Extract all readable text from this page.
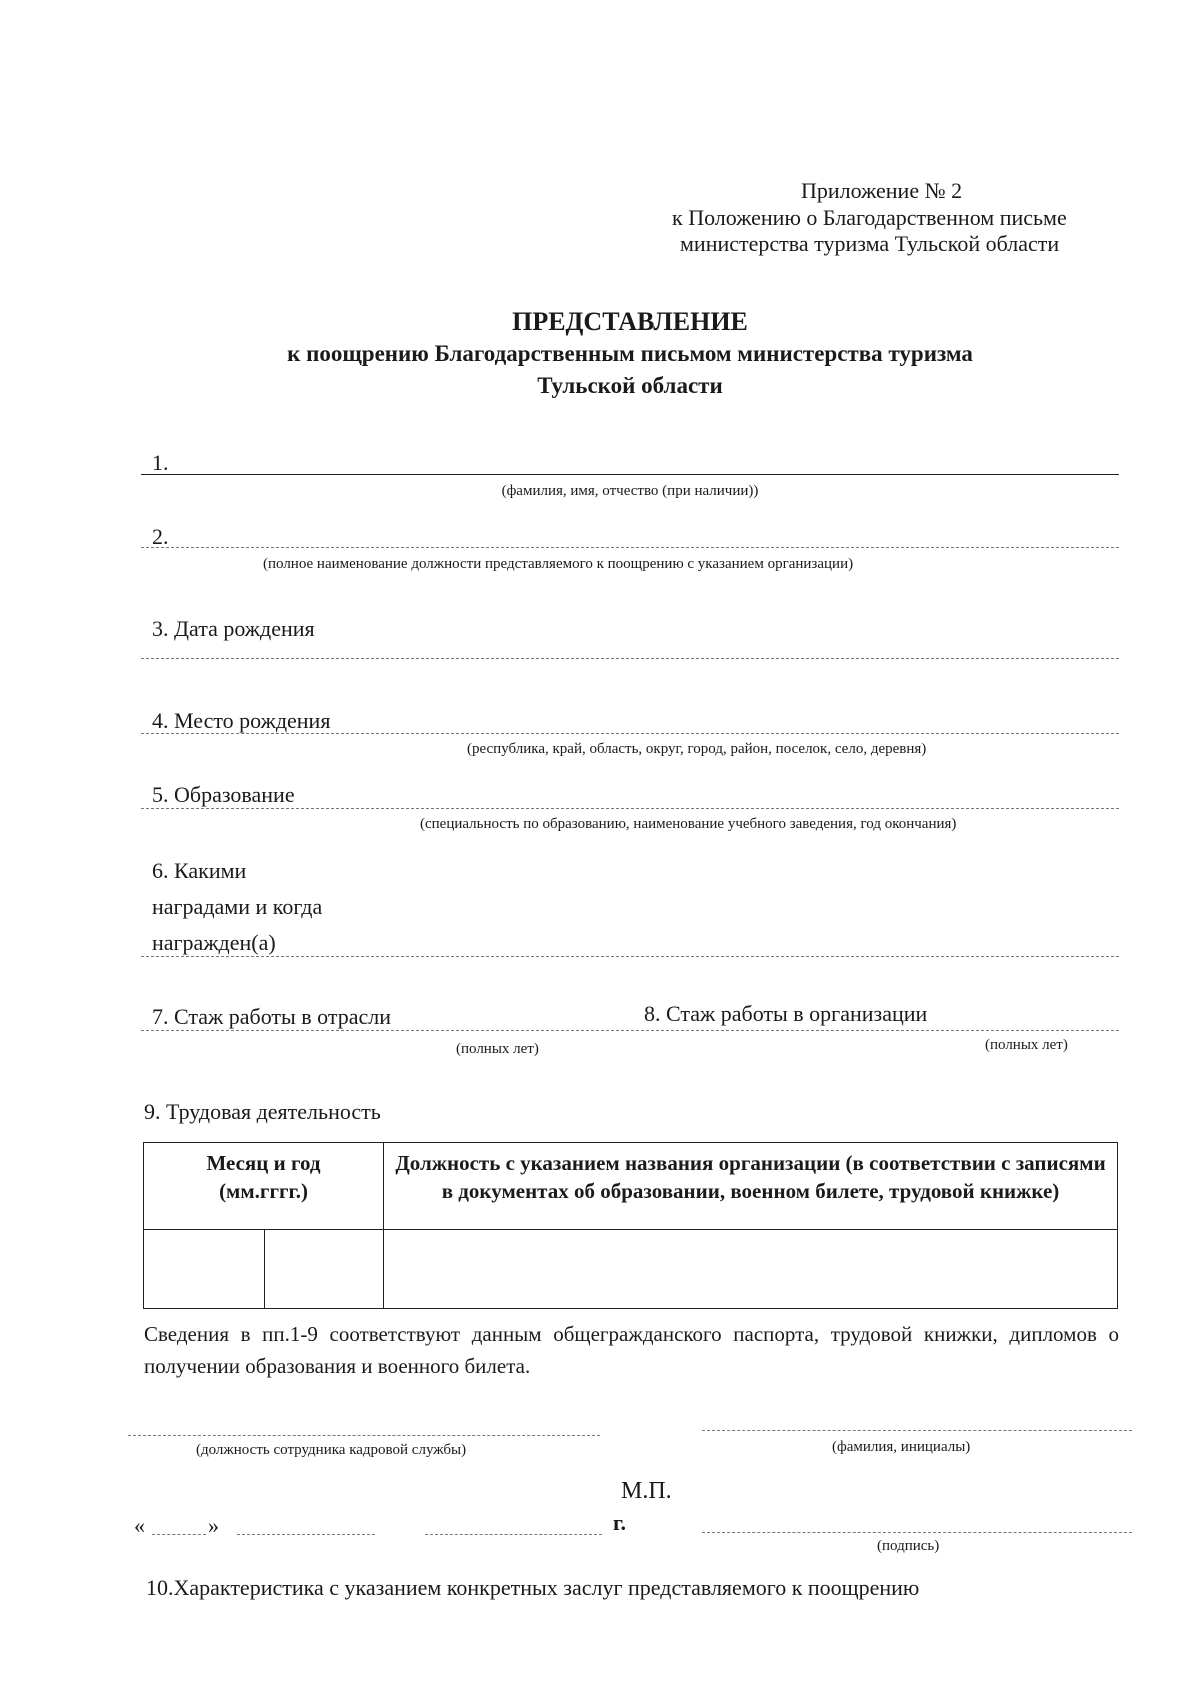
Приложение № 2
к Положению о Благодарственном письме
министерства туризма Тульской области
ПРЕДСТАВЛЕНИЕ
к поощрению Благодарственным письмом министерства туризма
Тульской области
1.
(фамилия, имя, отчество (при наличии))
2.
(полное наименование должности представляемого к поощрению с указанием организации)
3. Дата рождения
4. Место рождения
(республика, край, область, округ, город, район, поселок, село, деревня)
5. Образование
(специальность по образованию, наименование учебного заведения, год окончания)
6. Какими
наградами и когда
награжден(а)
7. Стаж работы в отрасли	8. Стаж работы в организации
(полных лет)	(полных лет)
9. Трудовая деятельность
Месяц и год (мм.гггг.)		Должность с указанием названия организации (в соответствии с записями в документах об образовании, военном билете, трудовой книжке)

Сведения в пп.1-9 соответствуют данным общегражданского паспорта, трудовой книжки, дипломов о получении образования и военного билета.
(должность сотрудника кадровой службы)	(фамилия, инициалы)
М.П.
«	»	г.
(подпись)
10.Характеристика с указанием конкретных заслуг представляемого к поощрению
